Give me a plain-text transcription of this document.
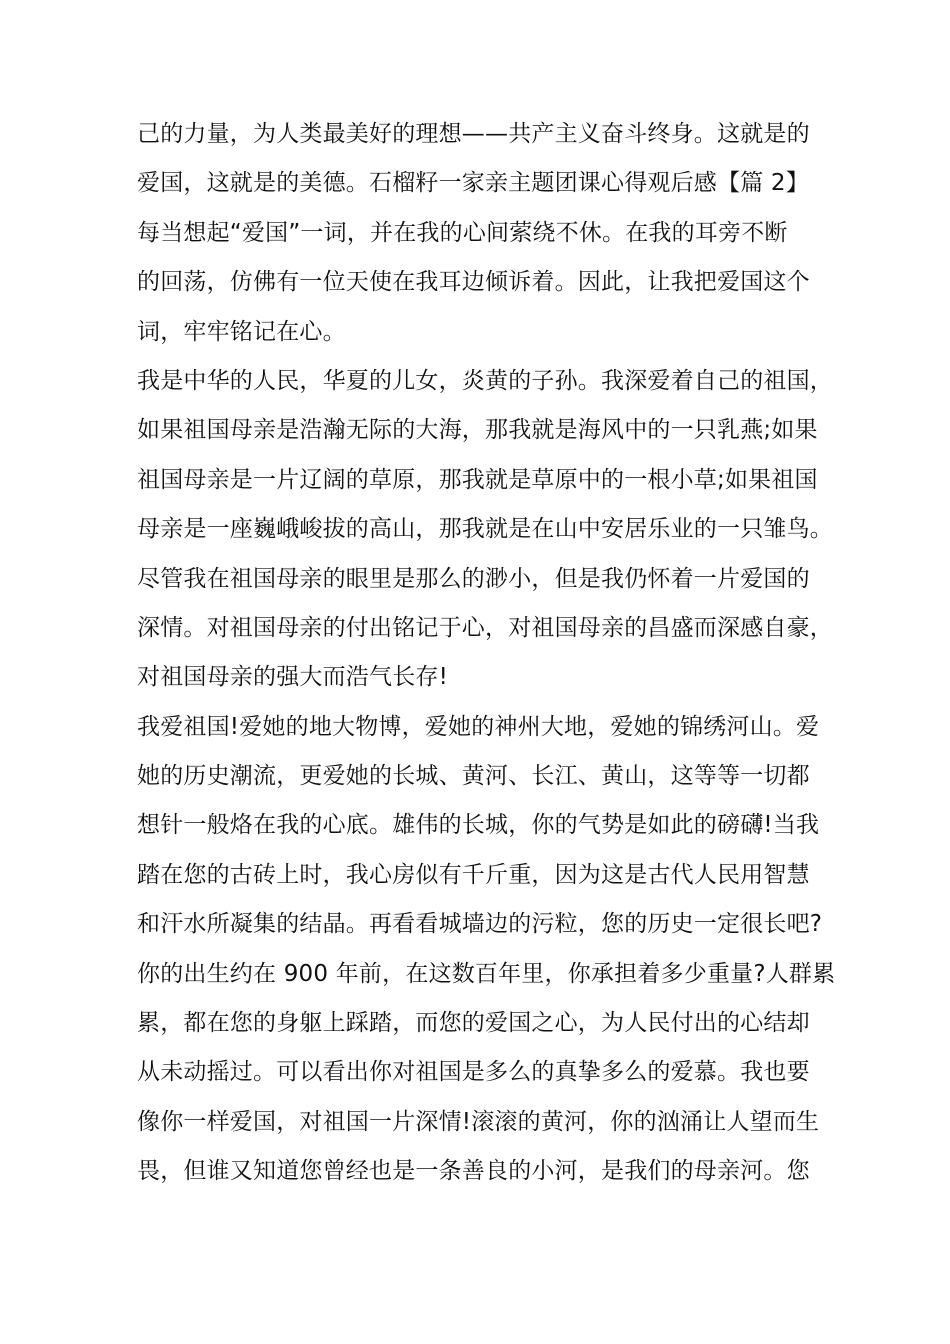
己的力量，为人类最美好的理想——共产主义奋斗终身。这就是的
爱国，这就是的美德。石榴籽一家亲主题团课心得观后感【篇 2】
每当想起“爱国”一词，并在我的心间萦绕不休。在我的耳旁不断
的回荡，仿佛有一位天使在我耳边倾诉着。因此，让我把爱国这个
词，牢牢铭记在心。
我是中华的人民，华夏的儿女，炎黄的子孙。我深爱着自己的祖国，
如果祖国母亲是浩瀚无际的大海，那我就是海风中的一只乳燕;如果
祖国母亲是一片辽阔的草原，那我就是草原中的一根小草;如果祖国
母亲是一座巍峨峻拔的高山，那我就是在山中安居乐业的一只雏鸟。
尽管我在祖国母亲的眼里是那么的渺小，但是我仍怀着一片爱国的
深情。对祖国母亲的付出铭记于心，对祖国母亲的昌盛而深感自豪，
对祖国母亲的强大而浩气长存!
我爱祖国!爱她的地大物博，爱她的神州大地，爱她的锦绣河山。爱
她的历史潮流，更爱她的长城、黄河、长江、黄山，这等等一切都
想针一般烙在我的心底。雄伟的长城，你的气势是如此的磅礴!当我
踏在您的古砖上时，我心房似有千斤重，因为这是古代人民用智慧
和汗水所凝集的结晶。再看看城墙边的污粒，您的历史一定很长吧?
你的出生约在 900 年前，在这数百年里，你承担着多少重量?人群累
累，都在您的身躯上踩踏，而您的爱国之心，为人民付出的心结却
从未动摇过。可以看出你对祖国是多么的真挚多么的爱慕。我也要
像你一样爱国，对祖国一片深情!滚滚的黄河，你的汹涌让人望而生
畏，但谁又知道您曾经也是一条善良的小河，是我们的母亲河。您
